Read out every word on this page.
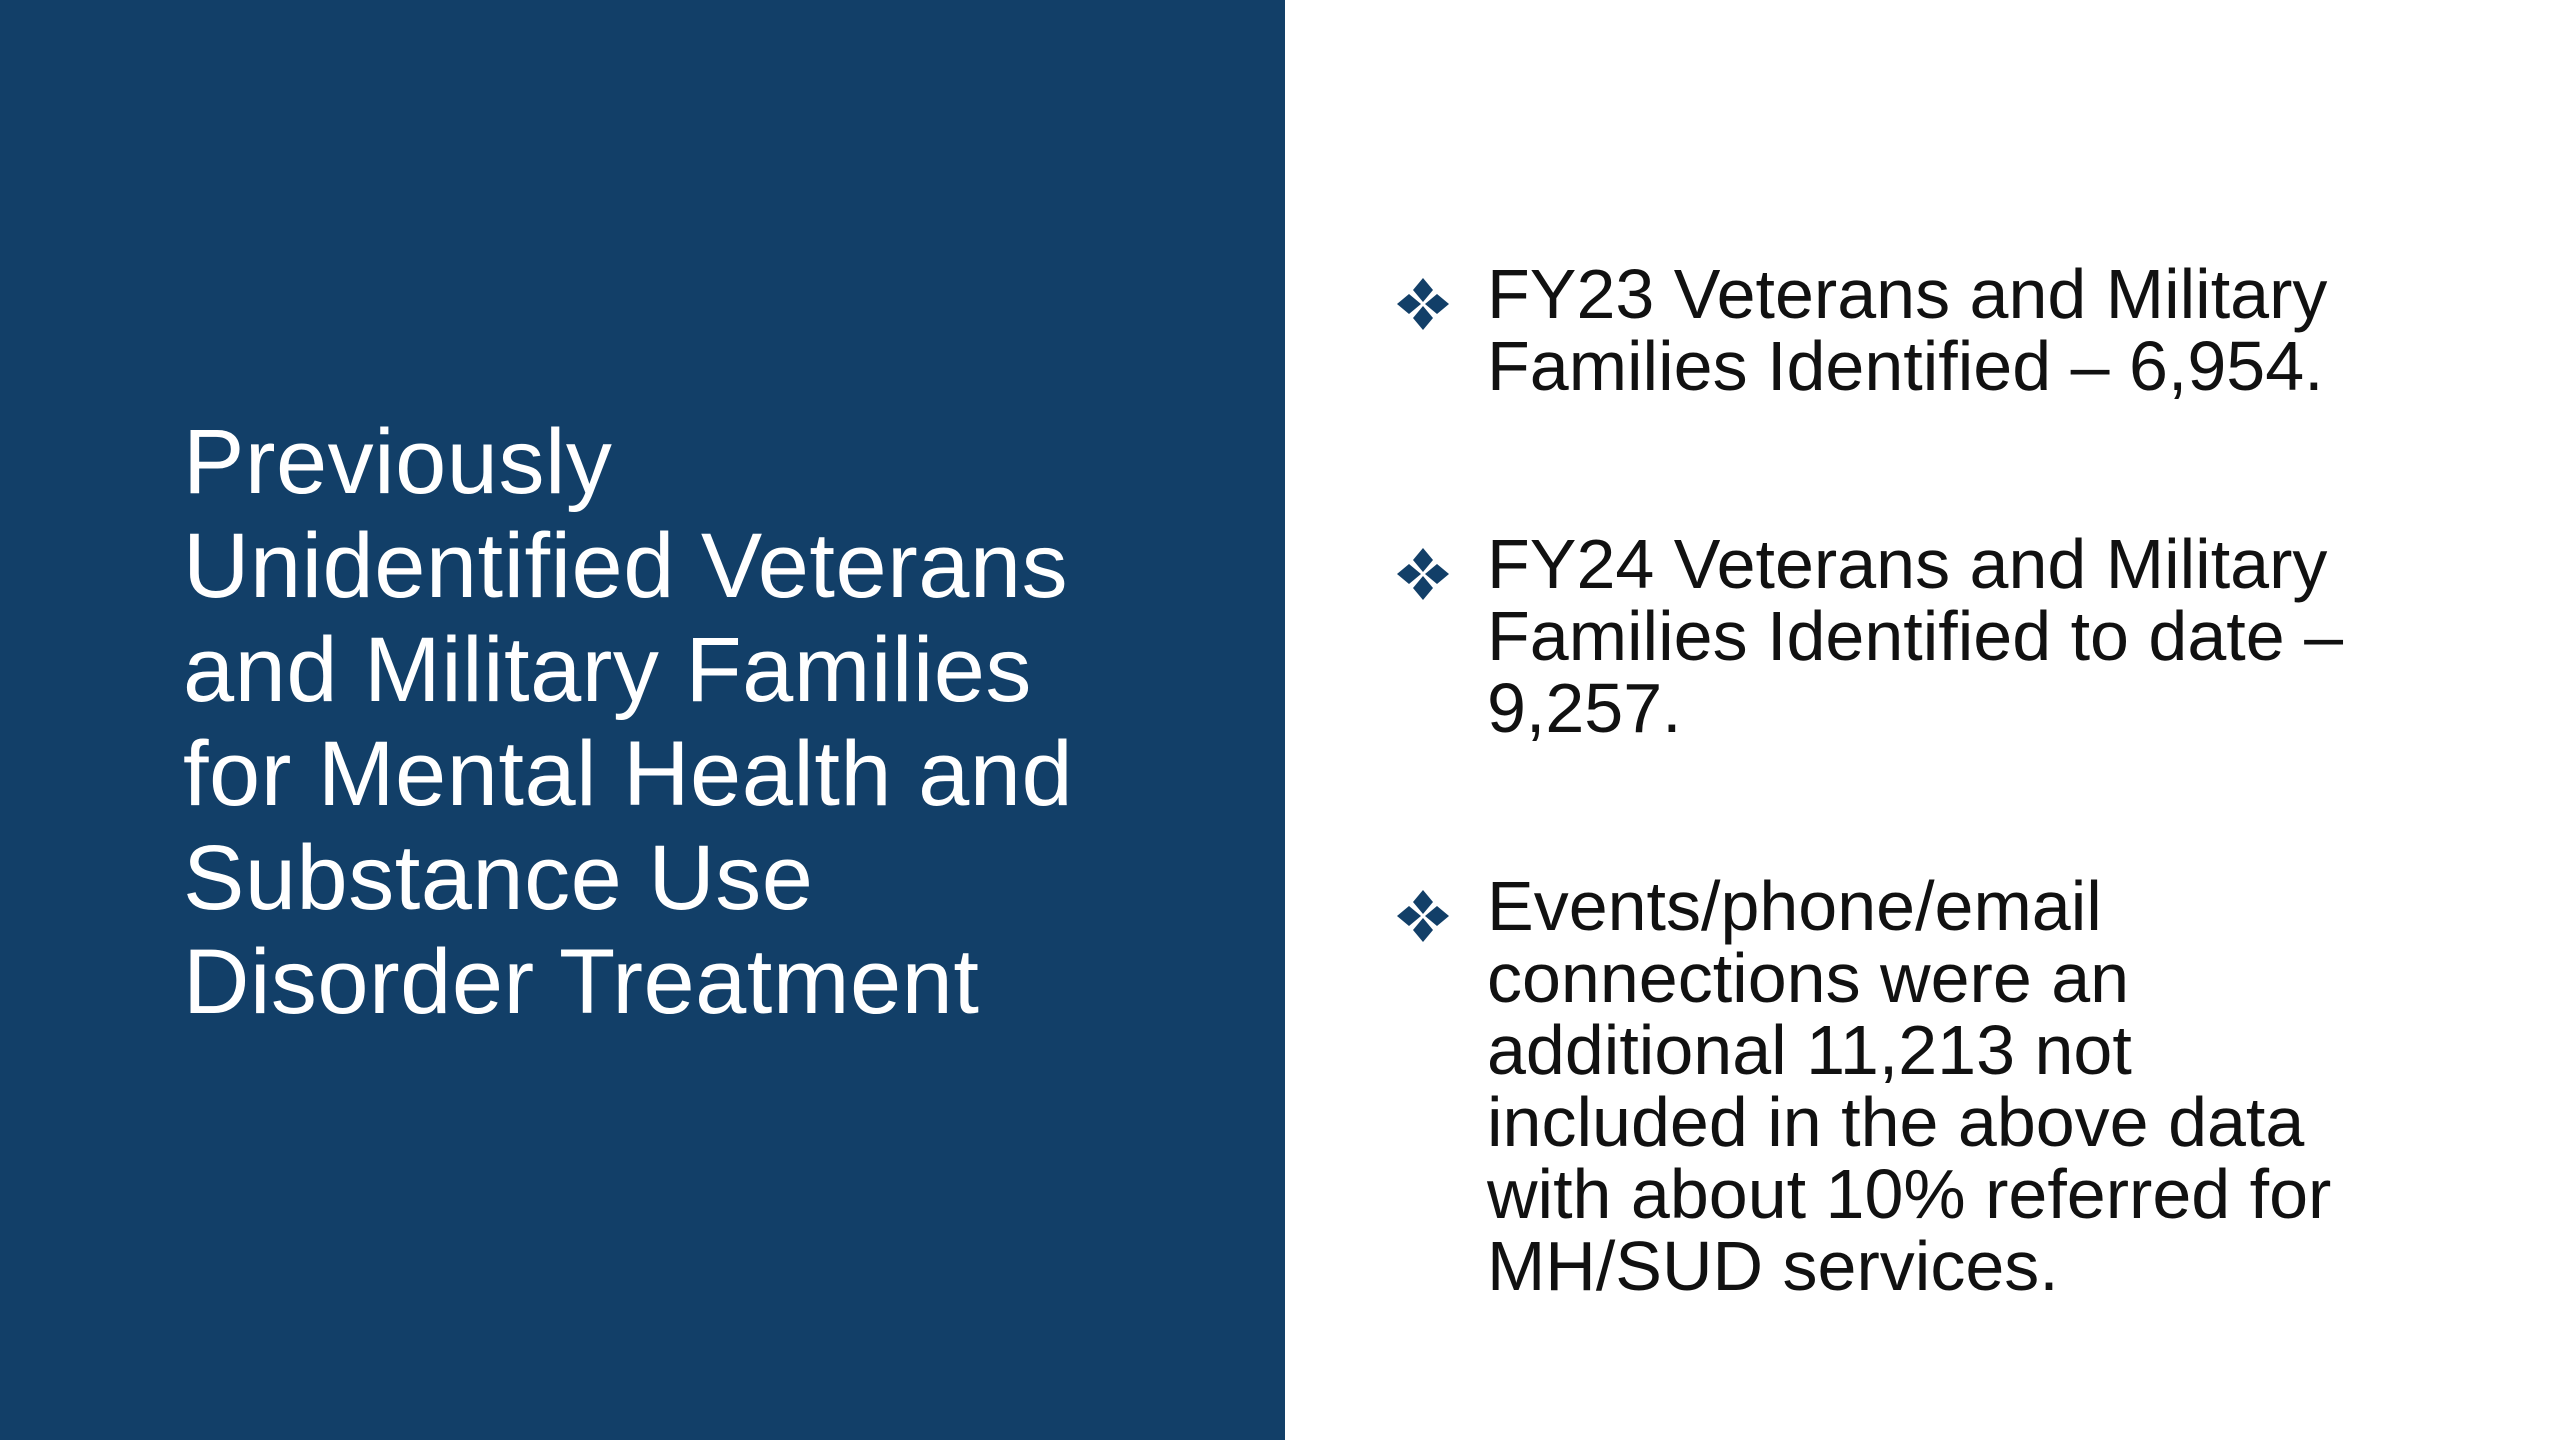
Previously
Unidentified Veterans
and Military Families
for Mental Health and
Substance Use
Disorder Treatment

FY23 Veterans and Military
Families Identified – 6,954.

FY24 Veterans and Military
Families Identified to date –
9,257.

Events/phone/email
connections were an
additional 11,213 not
included in the above data
with about 10% referred for
MH/SUD services.
